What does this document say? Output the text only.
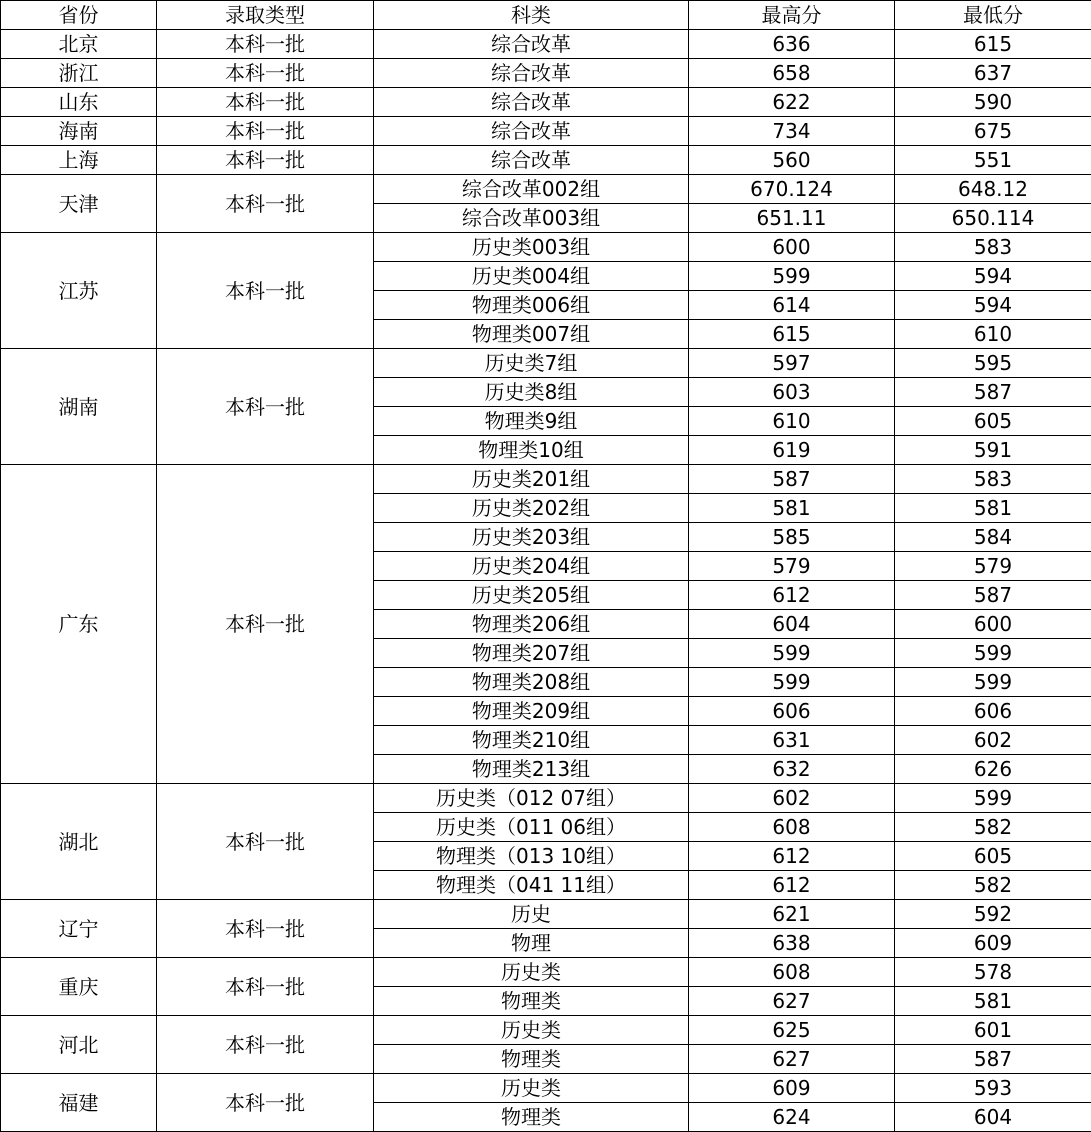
省份	录取类型	科类	最高分	最低分
北京	本科一批	综合改革	636	615
浙江	本科一批	综合改革	658	637
山东	本科一批	综合改革	622	590
海南	本科一批	综合改革	734	675
上海	本科一批	综合改革	560	551
天津	本科一批	综合改革002组	670.124	648.12
		综合改革003组	651.11	650.114
江苏	本科一批	历史类003组	600	583
		历史类004组	599	594
		物理类006组	614	594
		物理类007组	615	610
湖南	本科一批	历史类7组	597	595
		历史类8组	603	587
		物理类9组	610	605
		物理类10组	619	591
广东	本科一批	历史类201组	587	583
		历史类202组	581	581
		历史类203组	585	584
		历史类204组	579	579
		历史类205组	612	587
		物理类206组	604	600
		物理类207组	599	599
		物理类208组	599	599
		物理类209组	606	606
		物理类210组	631	602
		物理类213组	632	626
湖北	本科一批	历史类（012 07组）	602	599
		历史类（011 06组）	608	582
		物理类（013 10组）	612	605
		物理类（041 11组）	612	582
辽宁	本科一批	历史	621	592
		物理	638	609
重庆	本科一批	历史类	608	578
		物理类	627	581
河北	本科一批	历史类	625	601
		物理类	627	587
福建	本科一批	历史类	609	593
		物理类	624	604
